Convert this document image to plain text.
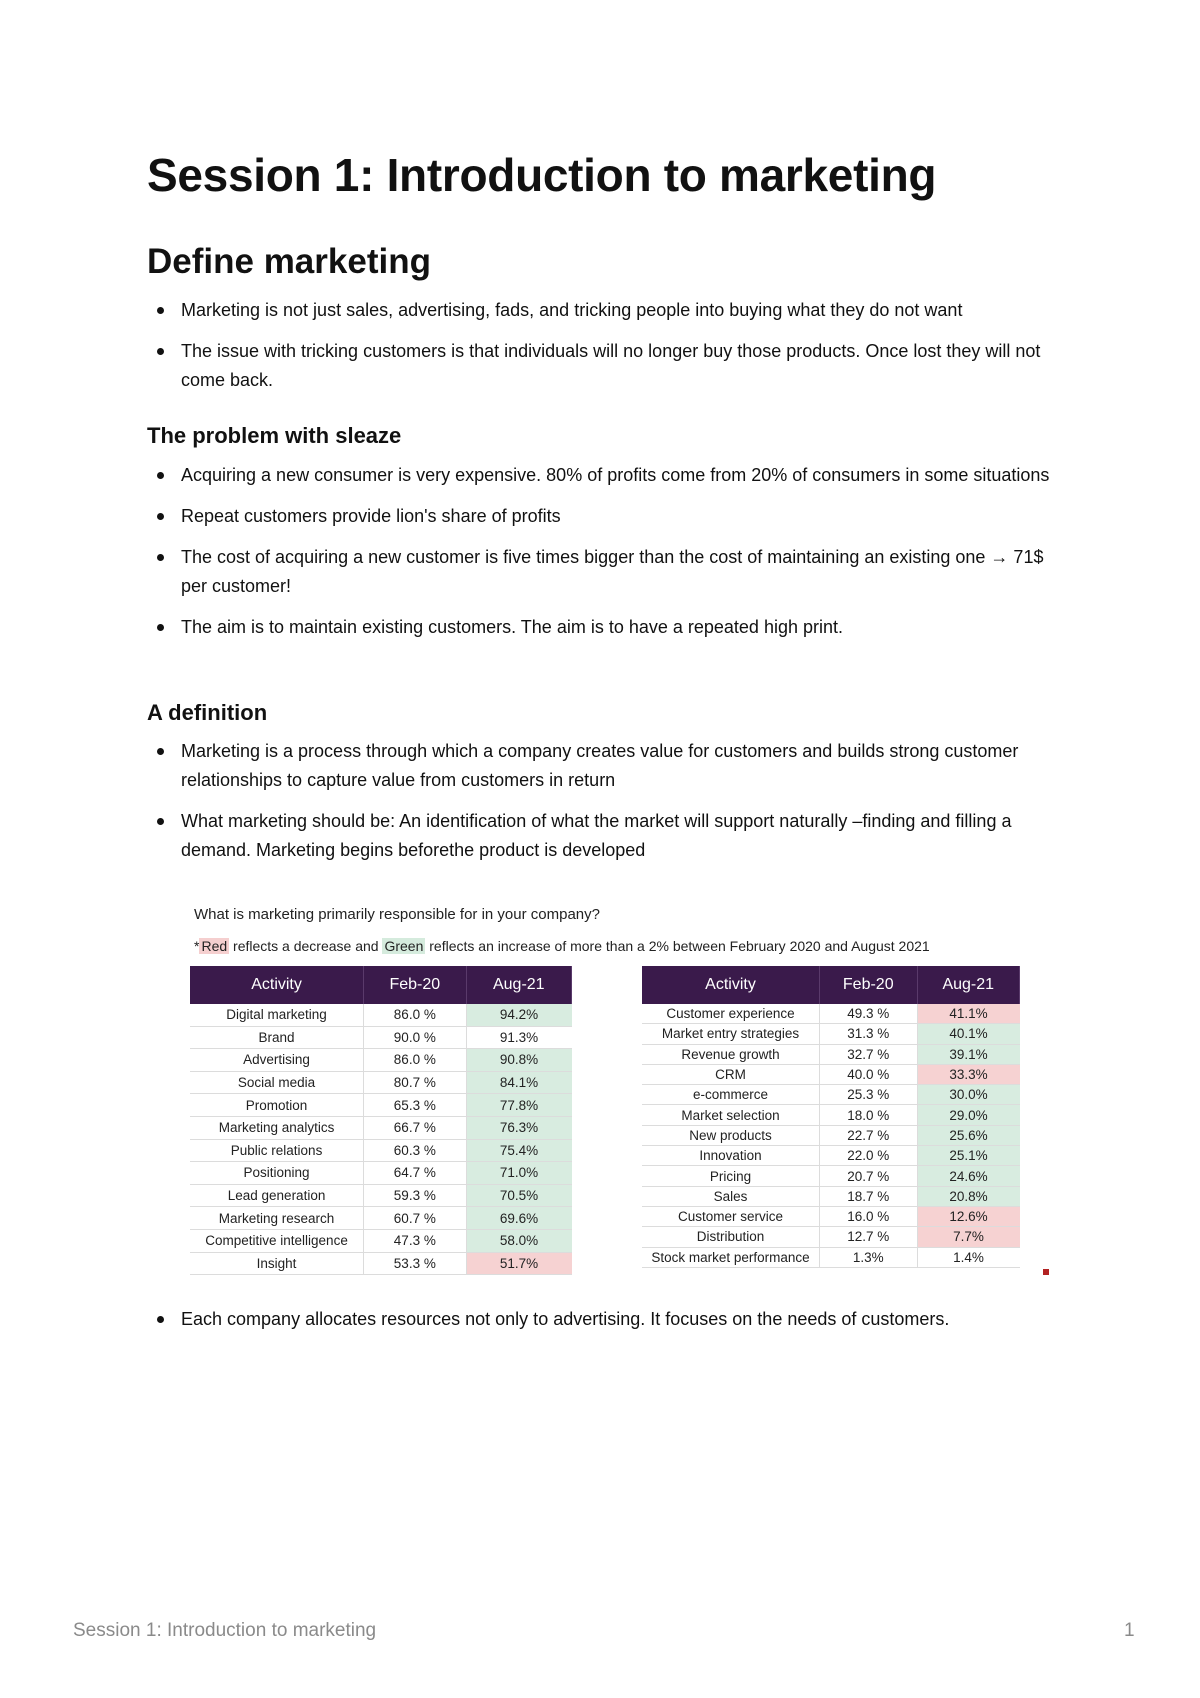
Session 1: Introduction to marketing
Define marketing
Marketing is not just sales, advertising, fads, and tricking people into buying what they do not want
The issue with tricking customers is that individuals will no longer buy those products. Once lost they will not come back.
The problem with sleaze
Acquiring a new consumer is very expensive. 80% of profits come from 20% of consumers in some situations
Repeat customers provide lion's share of profits
The cost of acquiring a new customer is five times bigger than the cost of maintaining an existing one → 71$ per customer!
The aim is to maintain existing customers. The aim is to have a repeated high print.
A definition
Marketing is a process through which a company creates value for customers and builds strong customer relationships to capture value from customers in return
What marketing should be: An identification of what the market will support naturally –finding and filling a demand. Marketing begins beforethe product is developed
What is marketing primarily responsible for in your company?
* Red reflects a decrease and Green reflects an increase of more than a 2% between February 2020 and August 2021
Activity	Feb-20	Aug-21
Digital marketing	86.0 %	94.2%
Brand	90.0 %	91.3%
Advertising	86.0 %	90.8%
Social media	80.7 %	84.1%
Promotion	65.3 %	77.8%
Marketing analytics	66.7 %	76.3%
Public relations	60.3 %	75.4%
Positioning	64.7 %	71.0%
Lead generation	59.3 %	70.5%
Marketing research	60.7 %	69.6%
Competitive intelligence	47.3 %	58.0%
Insight	53.3 %	51.7%
Activity	Feb-20	Aug-21
Customer experience	49.3 %	41.1%
Market entry strategies	31.3 %	40.1%
Revenue growth	32.7 %	39.1%
CRM	40.0 %	33.3%
e-commerce	25.3 %	30.0%
Market selection	18.0 %	29.0%
New products	22.7 %	25.6%
Innovation	22.0 %	25.1%
Pricing	20.7 %	24.6%
Sales	18.7 %	20.8%
Customer service	16.0 %	12.6%
Distribution	12.7 %	7.7%
Stock market performance	1.3%	1.4%
Each company allocates resources not only to advertising. It focuses on the needs of customers.
Session 1: Introduction to marketing	1
